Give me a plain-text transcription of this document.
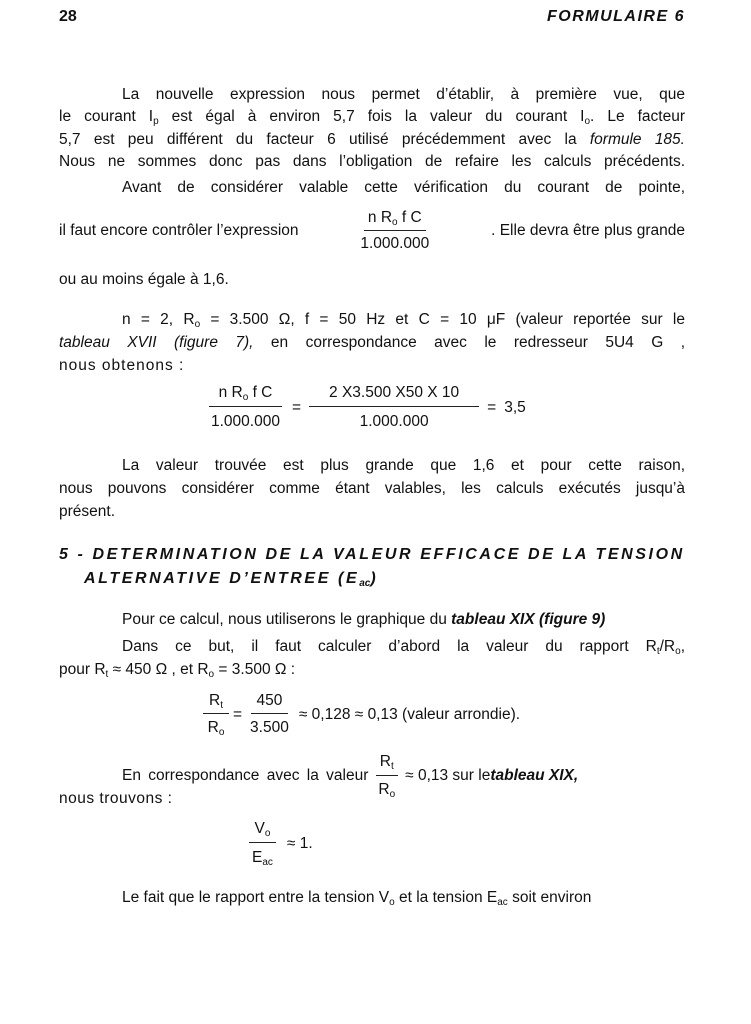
28	FORMULAIRE 6
La nouvelle expression nous permet d’établir, à première vue, que
le courant $I_p$ est égal à environ 5,7 fois la valeur du courant $I_o$. Le facteur
5,7 est peu différent du facteur 6 utilisé précédemment avec la formule 185.
Nous ne sommes donc pas dans l’obligation de refaire les calculs précédents.
Avant de considérer valable cette vérification du courant de pointe,
il faut encore contrôler l’expression	$\frac{n R_o f C}{1.000.000}$	. Elle devra être plus grande
ou au moins égale à 1,6.
n = 2, $R_o = 3.500$ Ω, f = 50 Hz et C = 10 μF (valeur reportée sur le
tableau XVII (figure 7), en correspondance avec le redresseur 5U4 G ,
nous obtenons :
$\frac{n R_o f C}{1.000.000} = \frac{2 X3.500 X50 X 10}{1.000.000} = 3,5$
La valeur trouvée est plus grande que 1,6 et pour cette raison,
nous pouvons considérer comme étant valables, les calculs exécutés jusqu’à
présent.
5 - DETERMINATION DE LA VALEUR EFFICACE DE LA TENSION
ALTERNATIVE D’ENTREE $(E_{ac})$
Pour ce calcul, nous utiliserons le graphique du tableau XIX (figure 9)
Dans ce but, il faut calculer d’abord la valeur du rapport $R_t/R_o$,
pour $R_t \approx 450$ Ω , et $R_o = 3.500$ Ω :
$\frac{R_t}{R_o} = \frac{450}{3.500} \approx 0,128 \approx 0,13$ (valeur arrondie).
En correspondance avec la valeur $\frac{R_t}{R_o} \approx 0,13$ sur le tableau XIX,
nous trouvons :
$\frac{V_o}{E_{ac}} \approx 1$.
Le fait que le rapport entre la tension $V_o$ et la tension $E_{ac}$ soit environ
